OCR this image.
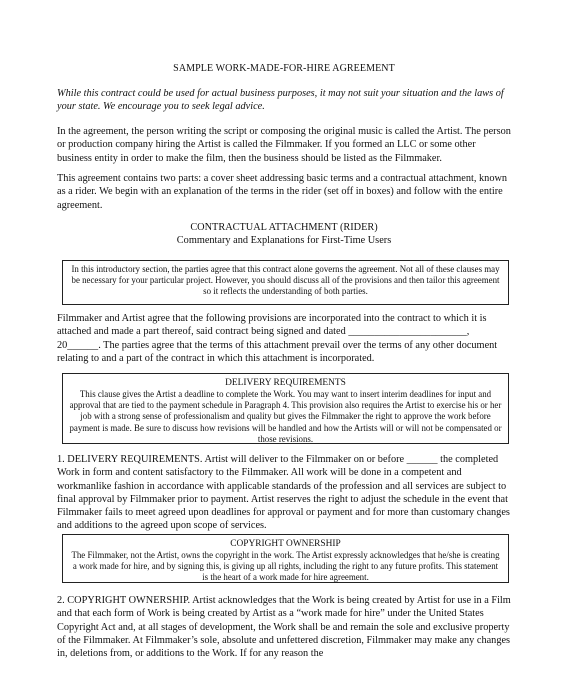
SAMPLE WORK-MADE-FOR-HIRE AGREEMENT

While this contract could be used for actual business purposes, it may not suit your situation and the laws of your state. We encourage you to seek legal advice.

In the agreement, the person writing the script or composing the original music is called the Artist. The person or production company hiring the Artist is called the Filmmaker. If you formed an LLC or some other business entity in order to make the film, then the business should be listed as the Filmmaker.

This agreement contains two parts: a cover sheet addressing basic terms and a contractual attachment, known as a rider. We begin with an explanation of the terms in the rider (set off in boxes) and follow with the entire agreement.

CONTRACTUAL ATTACHMENT (RIDER)

Commentary and Explanations for First-Time Users

In this introductory section, the parties agree that this contract alone governs the agreement. Not all of these clauses may be necessary for your particular project. However, you should discuss all of the provisions and then tailor this agreement so it reflects the understanding of both parties.

Filmmaker and Artist agree that the following provisions are incorporated into the contract to which it is attached and made a part thereof, said contract being signed and dated _______________________, 20______. The parties agree that the terms of this attachment prevail over the terms of any other document relating to and a part of the contract in which this attachment is incorporated.

DELIVERY REQUIREMENTS

This clause gives the Artist a deadline to complete the Work. You may want to insert interim deadlines for input and approval that are tied to the payment schedule in Paragraph 4. This provision also requires the Artist to exercise his or her job with a strong sense of professionalism and quality but gives the Filmmaker the right to approve the work before payment is made. Be sure to discuss how revisions will be handled and how the Artists will or will not be compensated or those revisions.

1. DELIVERY REQUIREMENTS. Artist will deliver to the Filmmaker on or before ______ the completed Work in form and content satisfactory to the Filmmaker. All work will be done in a competent and workmanlike fashion in accordance with applicable standards of the profession and all services are subject to final approval by Filmmaker prior to payment. Artist reserves the right to adjust the schedule in the event that Filmmaker fails to meet agreed upon deadlines for approval or payment and for more than customary changes and additions to the agreed upon scope of services.

COPYRIGHT OWNERSHIP

The Filmmaker, not the Artist, owns the copyright in the work. The Artist expressly acknowledges that he/she is creating a work made for hire, and by signing this, is giving up all rights, including the right to any future profits. This statement is the heart of a work made for hire agreement.

2. COPYRIGHT OWNERSHIP. Artist acknowledges that the Work is being created by Artist for use in a Film and that each form of Work is being created by Artist as a “work made for hire” under the United States Copyright Act and, at all stages of development, the Work shall be and remain the sole and exclusive property of the Filmmaker. At Filmmaker’s sole, absolute and unfettered discretion, Filmmaker may make any changes in, deletions from, or additions to the Work. If for any reason the
